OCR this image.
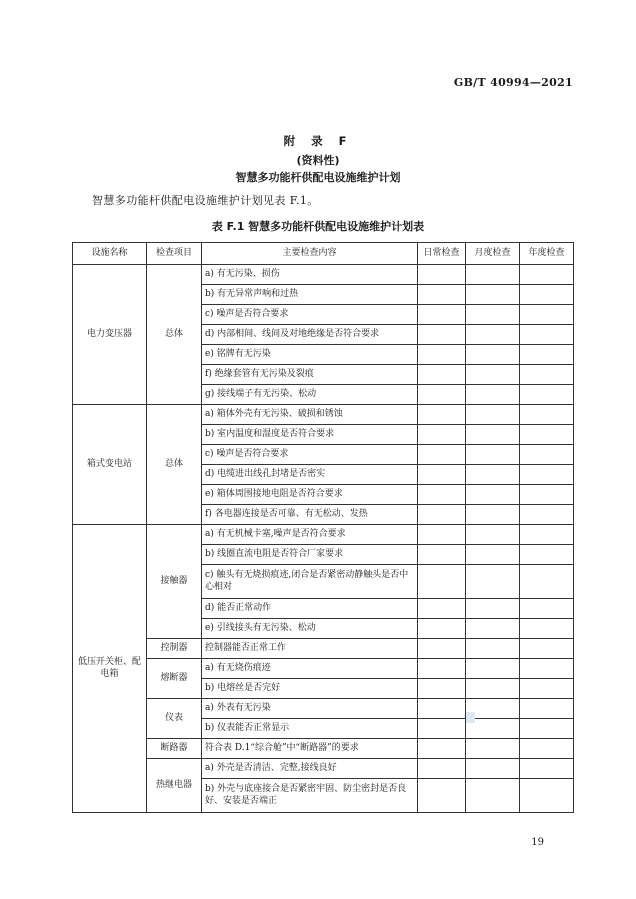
GB/T 40994—2021
附 录 F
(资料性)
智慧多功能杆供配电设施维护计划
智慧多功能杆供配电设施维护计划见表 F.1。
表 F.1 智慧多功能杆供配电设施维护计划表
设施名称	检查项目	主要检查内容	日常检查	月度检查	年度检查
电力变压器	总体	a) 有无污染、损伤			
		b) 有无异常声响和过热			
		c) 噪声是否符合要求			
		d) 内部相间、线间及对地绝缘是否符合要求			
		e) 铭牌有无污染			
		f) 绝缘套管有无污染及裂痕			
		g) 接线端子有无污染、松动			
箱式变电站	总体	a) 箱体外壳有无污染、破损和锈蚀			
		b) 室内温度和湿度是否符合要求			
		c) 噪声是否符合要求			
		d) 电缆进出线孔封堵是否密实			
		e) 箱体周围接地电阻是否符合要求			
		f) 各电器连接是否可靠、有无松动、发热			
低压开关柜、配电箱	接触器	a) 有无机械卡塞,噪声是否符合要求			
		b) 线圈直流电阻是否符合厂家要求			
		c) 触头有无烧损痕迹,闭合是否紧密动静触头是否中心相对			
		d) 能否正常动作			
		e) 引线接头有无污染、松动			
	控制器	控制器能否正常工作			
	熔断器	a) 有无烧伤痕迹			
		b) 电熔丝是否完好			
	仪表	a) 外表有无污染			
		b) 仪表能否正常显示			
	断路器	符合表 D.1“综合舱”中“断路器”的要求			
	热继电器	a) 外壳是否清洁、完整,接线良好			
		b) 外壳与底座接合是否紧密牢固、防尘密封是否良好、安装是否端正			
19
